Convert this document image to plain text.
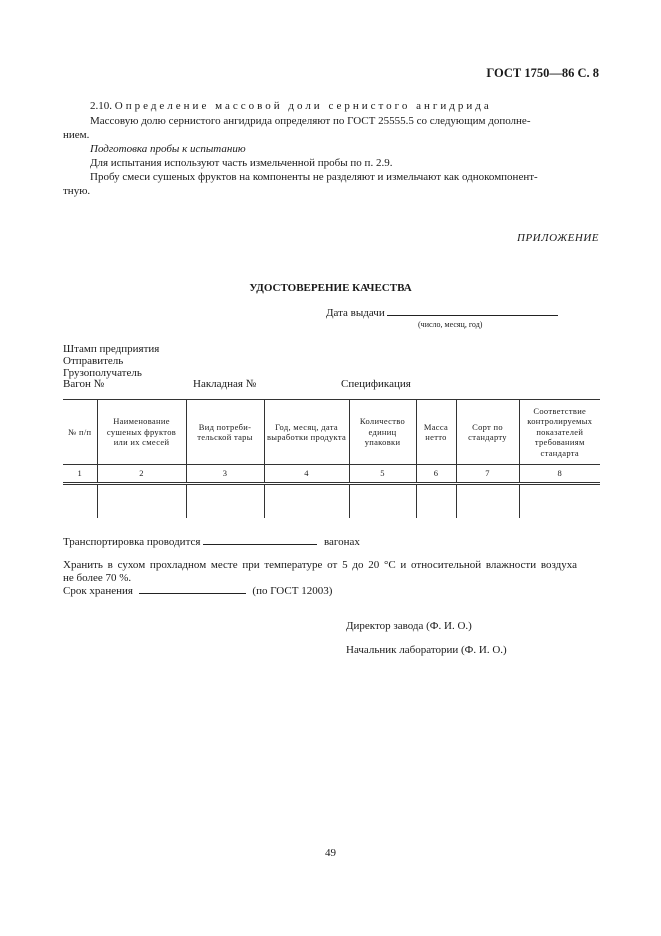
ГОСТ 1750—86 С. 8
2.10. Определение массовой доли сернистого ангидрида
Массовую долю сернистого ангидрида определяют по ГОСТ 25555.5 со следующим дополне-
нием.
Подготовка пробы к испытанию
Для испытания используют часть измельченной пробы по п. 2.9.
Пробу смеси сушеных фруктов на компоненты не разделяют и измельчают как однокомпонент-
тную.
ПРИЛОЖЕНИЕ
УДОСТОВЕРЕНИЕ КАЧЕСТВА
Дата выдачи
(число, месяц, год)
Штамп предприятия
Отправитель
Грузополучатель
Вагон №	Накладная №	Спецификация
№ п/п	Наименование сушеных фруктов или их смесей	Вид потреби-тельской тары	Год, месяц, дата выработки продукта	Количество единиц упаковки	Масса нетто	Сорт по стандарту	Соответствие контролируемых показателей требованиям стандарта
1	2	3	4	5	6	7	8

Транспортировка проводится	вагонах
Хранить в сухом прохладном месте при температуре от 5 до 20 °С и относительной влажности воздуха
не более 70 %.
Срок хранения	(по ГОСТ 12003)
Директор завода (Ф. И. О.)
Начальник лаборатории (Ф. И. О.)
49
